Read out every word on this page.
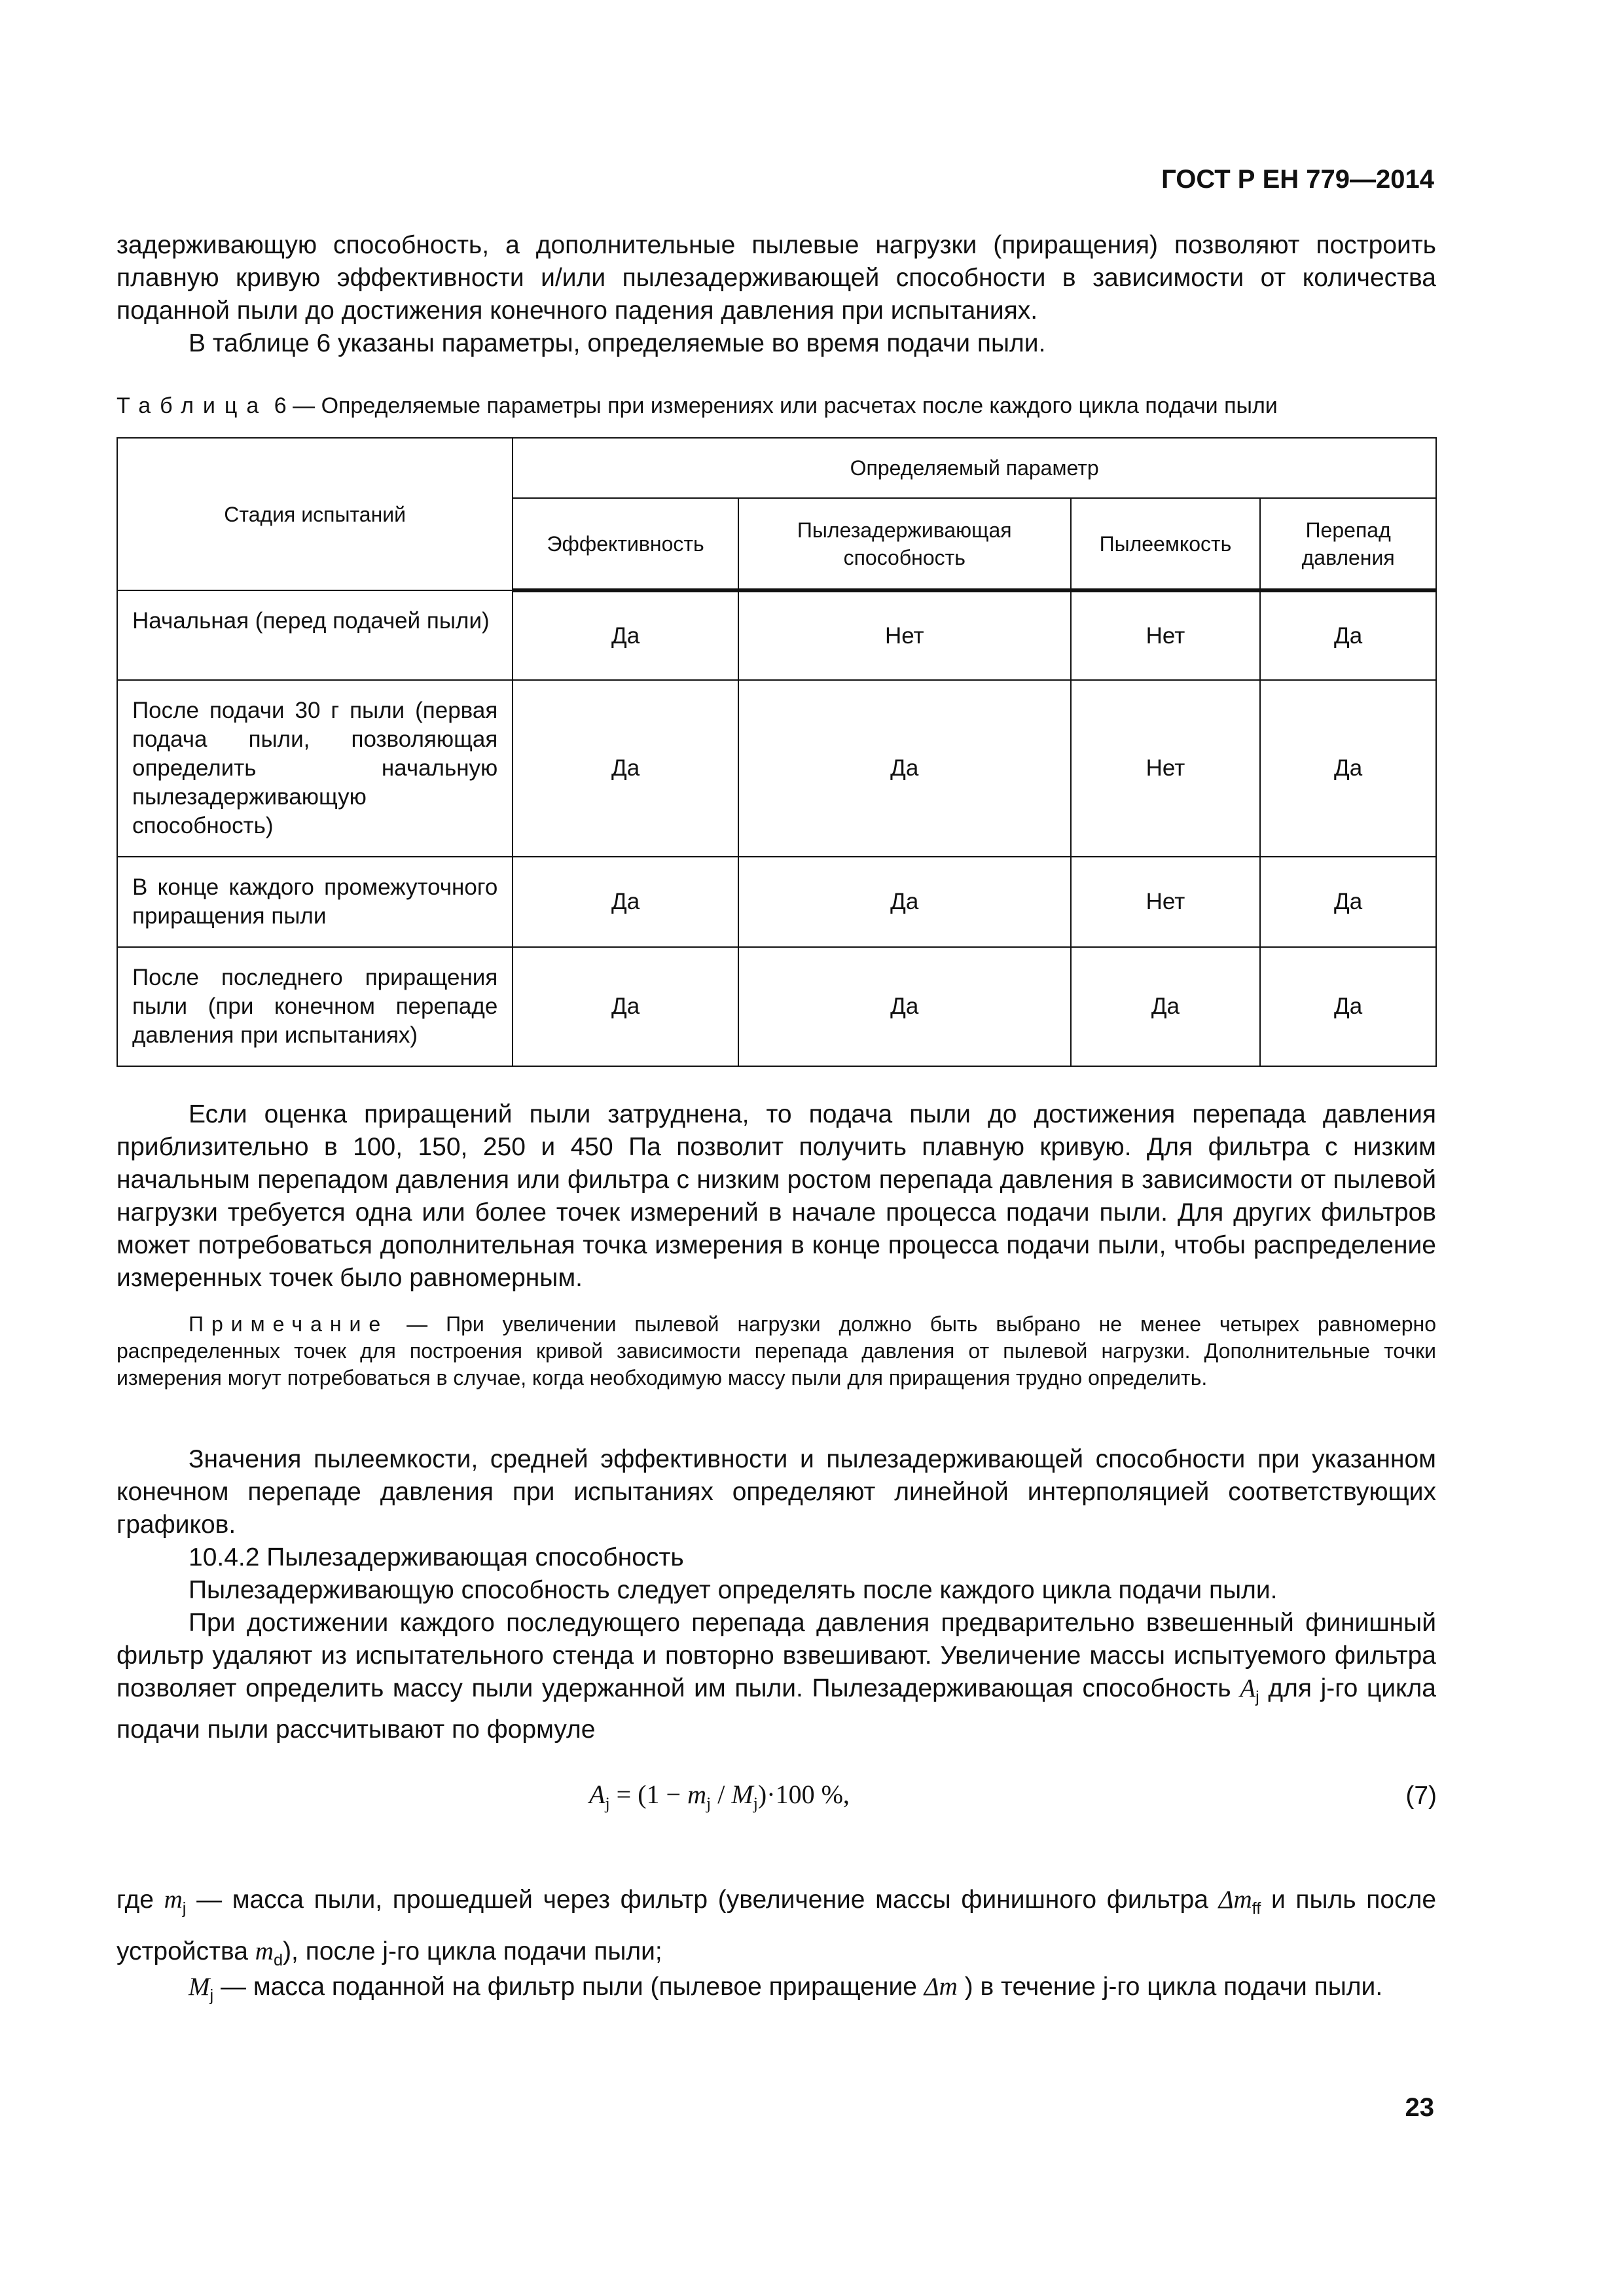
ГОСТ Р ЕН 779—2014

задерживающую способность, а дополнительные пылевые нагрузки (приращения) позволяют построить плавную кривую эффективности и/или пылезадерживающей способности в зависимости от количества поданной пыли до достижения конечного падения давления при испытаниях.

В таблице 6 указаны параметры, определяемые во время подачи пыли.

Таблица 6 — Определяемые параметры при измерениях или расчетах после каждого цикла подачи пыли
Стадия испытаний	Определяемый параметр			
	Эффективность	Пылезадерживающая способность	Пылеемкость	Перепад давления
Начальная (перед подачей пыли)	Да	Нет	Нет	Да
После подачи 30 г пыли (первая подача пыли, позволяющая определить начальную пылезадерживающую способность)	Да	Да	Нет	Да
В конце каждого промежуточного приращения пыли	Да	Да	Нет	Да
После последнего приращения пыли (при конечном перепаде давления при испытаниях)	Да	Да	Да	Да
Если оценка приращений пыли затруднена, то подача пыли до достижения перепада давления приблизительно в 100, 150, 250 и 450 Па позволит получить плавную кривую. Для фильтра с низким начальным перепадом давления или фильтра с низким ростом перепада давления в зависимости от пылевой нагрузки требуется одна или более точек измерений в начале процесса подачи пыли. Для других фильтров может потребоваться дополнительная точка измерения в конце процесса подачи пыли, чтобы распределение измеренных точек было равномерным.
Примечание — При увеличении пылевой нагрузки должно быть выбрано не менее четырех равномерно распределенных точек для построения кривой зависимости перепада давления от пылевой нагрузки. Дополнительные точки измерения могут потребоваться в случае, когда необходимую массу пыли для приращения трудно определить.

Значения пылеемкости, средней эффективности и пылезадерживающей способности при указанном конечном перепаде давления при испытаниях определяют линейной интерполяцией соответствующих графиков.

10.4.2 Пылезадерживающая способность

Пылезадерживающую способность следует определять после каждого цикла подачи пыли.

При достижении каждого последующего перепада давления предварительно взвешенный финишный фильтр удаляют из испытательного стенда и повторно взвешивают. Увеличение массы испытуемого фильтра позволяет определить массу пыли удержанной им пыли. Пылезадерживающая способность $A_j$ для j-го цикла подачи пыли рассчитывают по формуле

$A_j = (1 - m_j / M_j)\cdot 100$ %,	(7)
где $m_j$ — масса пыли, прошедшей через фильтр (увеличение массы финишного фильтра $\Delta m_{ff}$ и пыль после устройства $m_d$), после j-го цикла подачи пыли;
$M_j$ — масса поданной на фильтр пыли (пылевое приращение Δm ) в течение j-го цикла подачи пыли.
23
